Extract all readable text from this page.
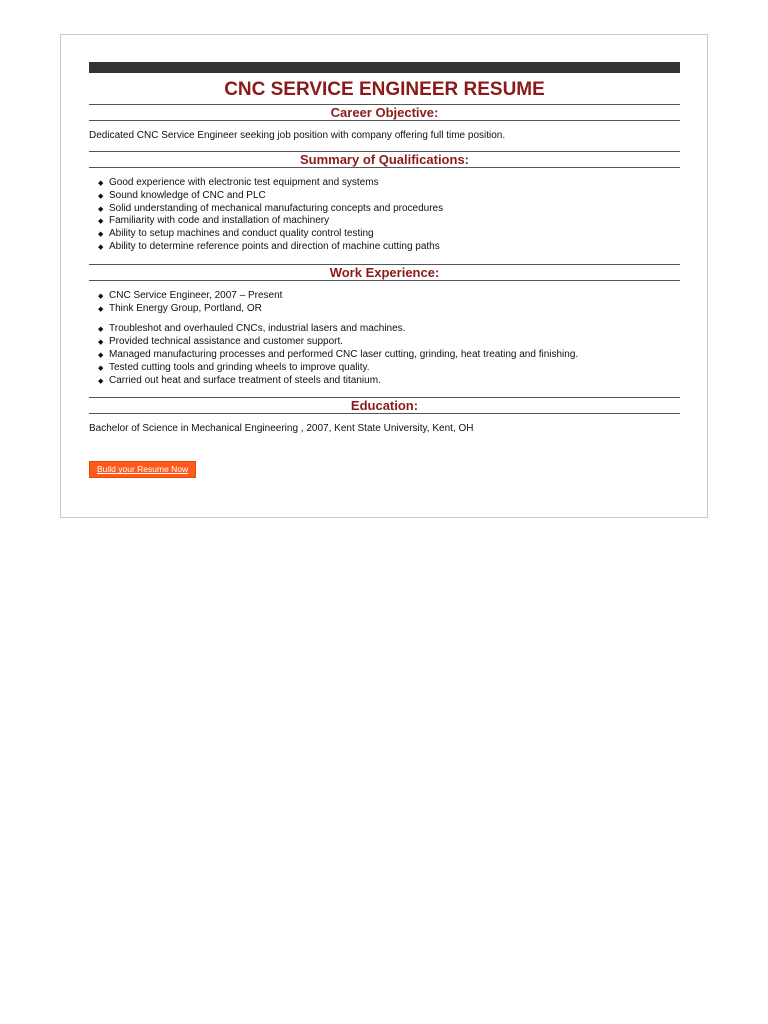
CNC SERVICE ENGINEER RESUME
Career Objective:
Dedicated CNC Service Engineer seeking job position with company offering full time position.
Summary of Qualifications:
◆ Good experience with electronic test equipment and systems
◆ Sound knowledge of CNC and PLC
◆ Solid understanding of mechanical manufacturing concepts and procedures
◆ Familiarity with code and installation of machinery
◆ Ability to setup machines and conduct quality control testing
◆ Ability to determine reference points and direction of machine cutting paths
Work Experience:
◆ CNC Service Engineer, 2007 – Present
◆ Think Energy Group, Portland, OR
◆ Troubleshot and overhauled CNCs, industrial lasers and machines.
◆ Provided technical assistance and customer support.
◆ Managed manufacturing processes and performed CNC laser cutting, grinding, heat treating and finishing.
◆ Tested cutting tools and grinding wheels to improve quality.
◆ Carried out heat and surface treatment of steels and titanium.
Education:
Bachelor of Science in Mechanical Engineering , 2007, Kent State University, Kent, OH
Build your Resume Now
